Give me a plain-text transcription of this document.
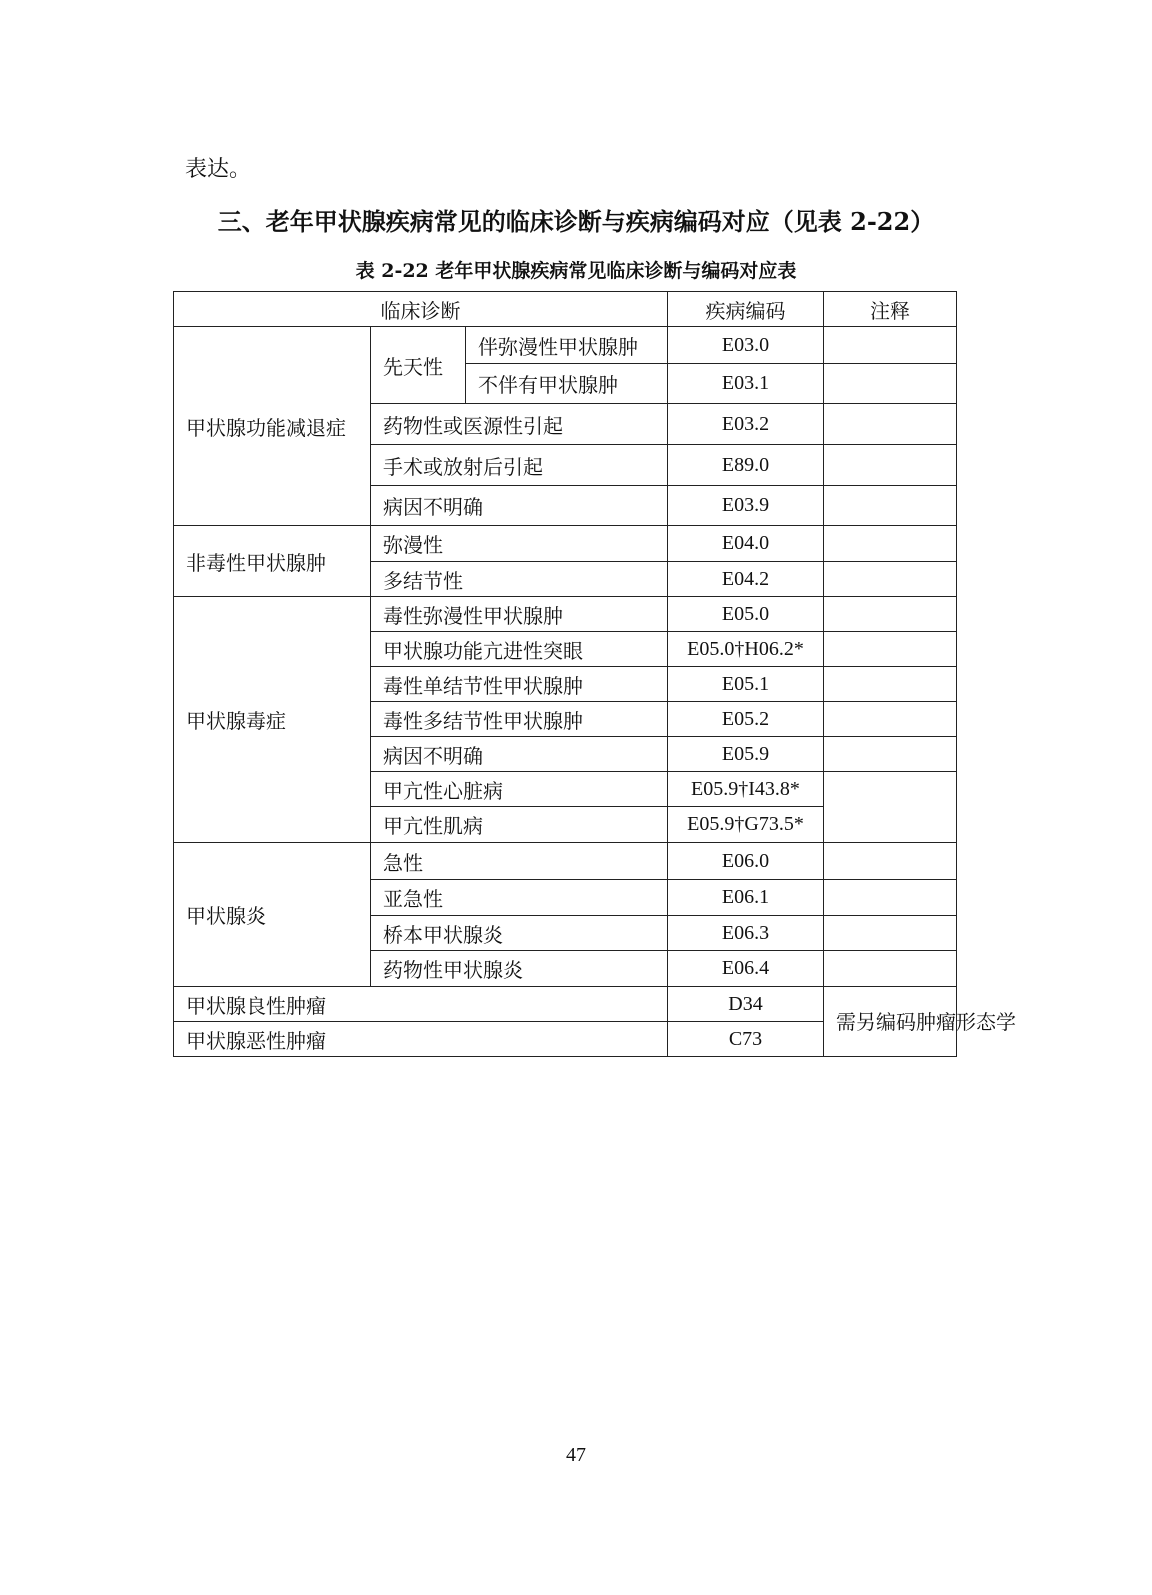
表达。
三、老年甲状腺疾病常见的临床诊断与疾病编码对应（见表 2-22）
表 2-22 老年甲状腺疾病常见临床诊断与编码对应表
临床诊断			疾病编码	注释
甲状腺功能减退症	先天性	伴弥漫性甲状腺肿	E03.0	
		不伴有甲状腺肿	E03.1	
	药物性或医源性引起		E03.2	
	手术或放射后引起		E89.0	
	病因不明确		E03.9	
非毒性甲状腺肿	弥漫性		E04.0	
	多结节性		E04.2	
甲状腺毒症	毒性弥漫性甲状腺肿		E05.0	
	甲状腺功能亢进性突眼		E05.0†H06.2*	
	毒性单结节性甲状腺肿		E05.1	
	毒性多结节性甲状腺肿		E05.2	
	病因不明确		E05.9	
	甲亢性心脏病		E05.9†I43.8*	
	甲亢性肌病		E05.9†G73.5*	
甲状腺炎	急性		E06.0	
	亚急性		E06.1	
	桥本甲状腺炎		E06.3	
	药物性甲状腺炎		E06.4	
甲状腺良性肿瘤			D34	需另编码肿瘤形态学
甲状腺恶性肿瘤			C73	
47
